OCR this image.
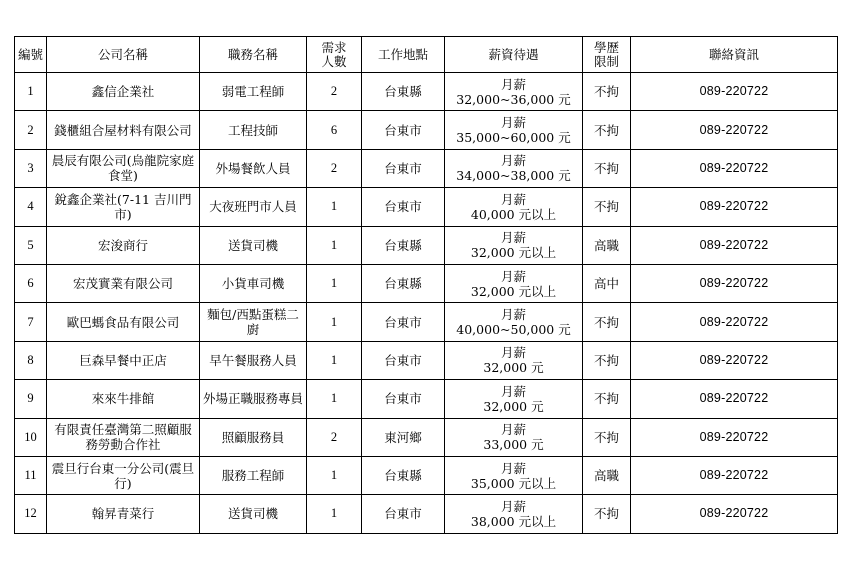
編號	公司名稱	職務名稱	需求
人數	工作地點	薪資待遇	學歷
限制	聯絡資訊
1	鑫信企業社	弱電工程師	2	台東縣	月薪
32,000~36,000 元	不拘	089-220722
2	錢櫃組合屋材料有限公司	工程技師	6	台東市	月薪
35,000~60,000 元	不拘	089-220722
3	晨辰有限公司(烏龍院家庭食堂)	外場餐飲人員	2	台東市	月薪
34,000~38,000 元	不拘	089-220722
4	銳鑫企業社(7-11 吉川門市)	大夜班門市人員	1	台東市	月薪
40,000 元以上	不拘	089-220722
5	宏浚商行	送貨司機	1	台東縣	月薪
32,000 元以上	高職	089-220722
6	宏茂實業有限公司	小貨車司機	1	台東縣	月薪
32,000 元以上	高中	089-220722
7	歐巴螞食品有限公司	麵包/西點蛋糕二廚	1	台東市	月薪
40,000~50,000 元	不拘	089-220722
8	巨森早餐中正店	早午餐服務人員	1	台東市	月薪
32,000 元	不拘	089-220722
9	來來牛排館	外場正職服務專員	1	台東市	月薪
32,000 元	不拘	089-220722
10	有限責任臺灣第二照顧服務勞動合作社	照顧服務員	2	東河鄉	月薪
33,000 元	不拘	089-220722
11	震旦行台東一分公司(震旦行)	服務工程師	1	台東縣	月薪
35,000 元以上	高職	089-220722
12	翰昇青菜行	送貨司機	1	台東市	月薪
38,000 元以上	不拘	089-220722
